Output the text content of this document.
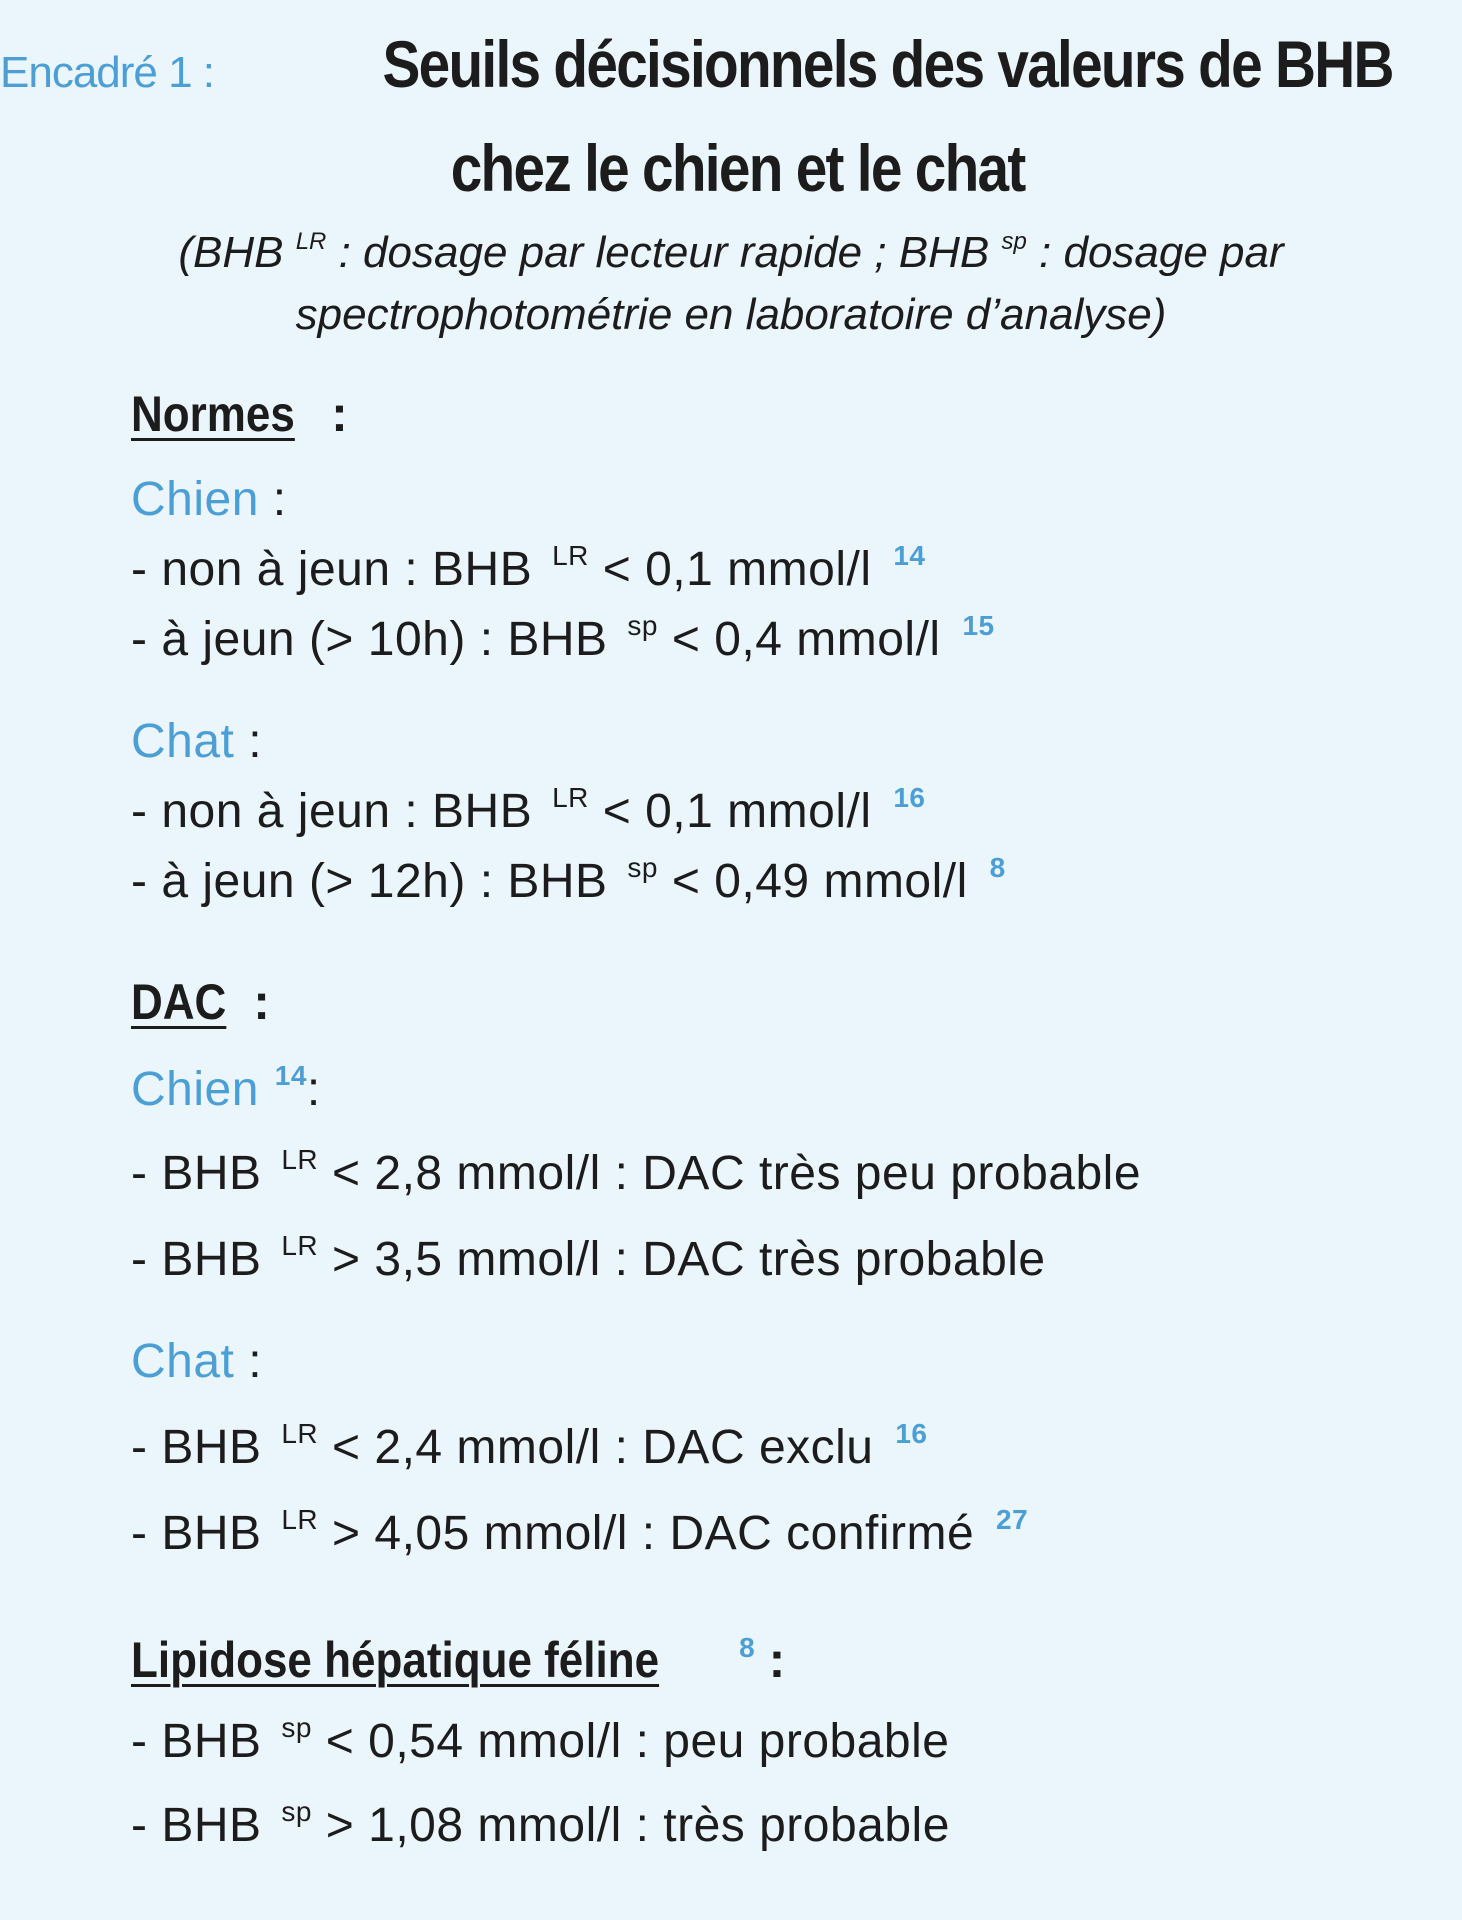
Encadré 1 :	Seuils décisionnels des valeurs de BHB
chez le chien et le chat
(BHB $^{LR}$ : dosage par lecteur rapide ; BHB $^{sp}$ : dosage par
spectrophotométrie en laboratoire d’analyse)
Normes :
Chien :
- non à jeun : BHB $^{LR}$ < 0,1 mmol/l $^{14}$
- à jeun (> 10h) : BHB $^{sp}$ < 0,4 mmol/l $^{15}$
Chat :
- non à jeun : BHB $^{LR}$ < 0,1 mmol/l $^{16}$
- à jeun (> 12h) : BHB $^{sp}$ < 0,49 mmol/l $^8$
DAC :
Chien $^{14}$:
- BHB $^{LR}$ < 2,8 mmol/l : DAC très peu probable
- BHB $^{LR}$ > 3,5 mmol/l : DAC très probable
Chat :
- BHB $^{LR}$ < 2,4 mmol/l : DAC exclu $^{16}$
- BHB $^{LR}$ > 4,05 mmol/l : DAC confirmé $^{27}$
Lipidose hépatique féline	$^8$ :
- BHB $^{sp}$ < 0,54 mmol/l : peu probable
- BHB $^{sp}$ > 1,08 mmol/l : très probable
